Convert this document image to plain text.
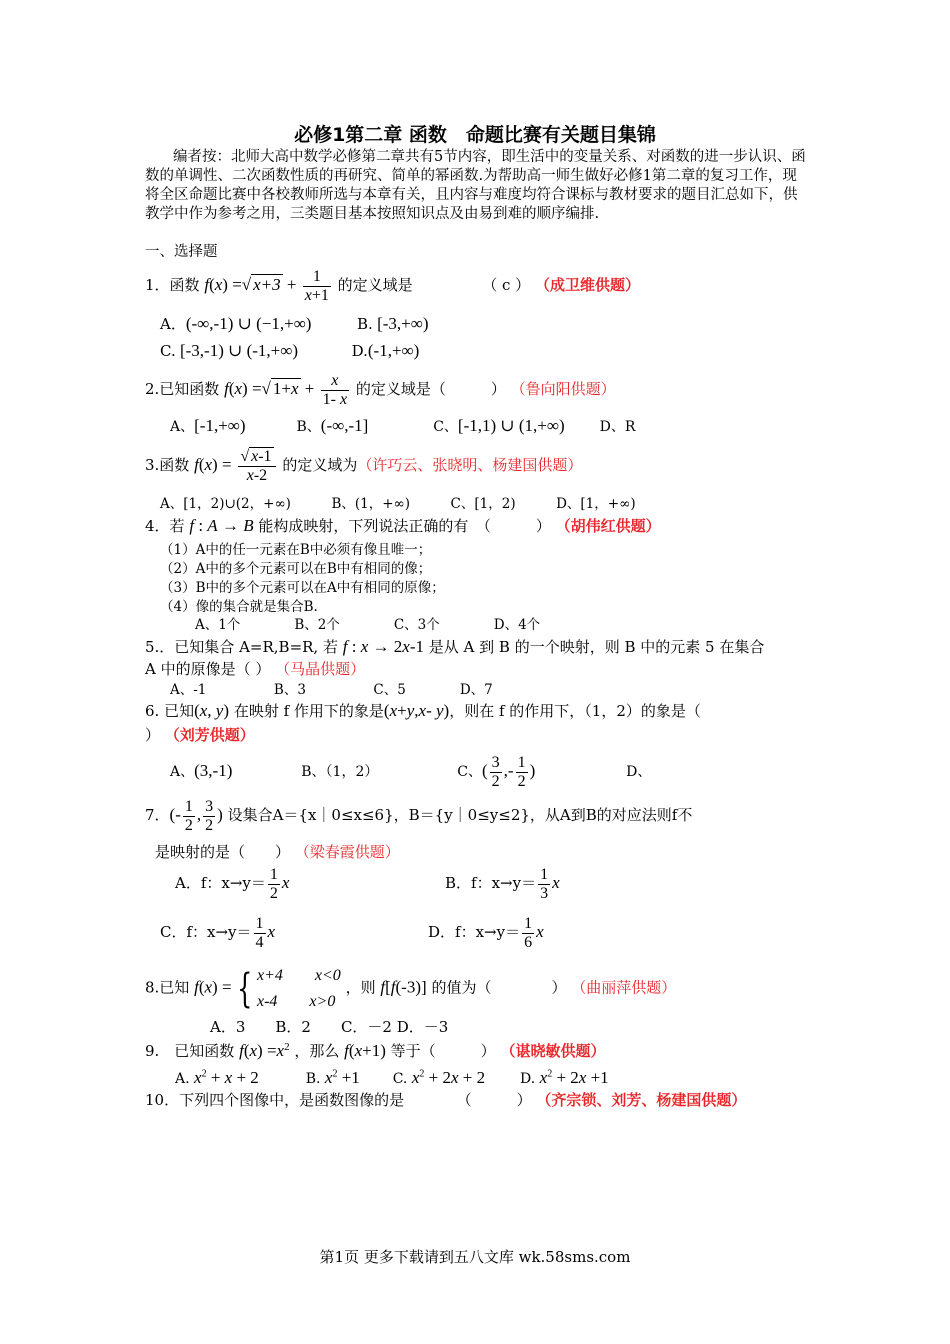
必修1第二章 函数　命题比赛有关题目集锦
编者按：北师大高中数学必修第二章共有5节内容，即生活中的变量关系、对函数的进一步认识、函数的单调性、二次函数性质的再研究、简单的幂函数.为帮助高一师生做好必修1第二章的复习工作，现将全区命题比赛中各校教师所选与本章有关，且内容与难度均符合课标与教材要求的题目汇总如下，供教学中作为参考之用，三类题目基本按照知识点及由易到难的顺序编排.
一、选择题
1．函数 f(x) =√ $x+3 + \frac{1}{x+1}$ 的定义域是	（ c ） （成卫维供题）
A．(-∞,-1) ∪ (−1,+∞)	B. [-3,+∞)
C. [-3,-1) ∪ (-1,+∞)	D.(-1,+∞)
2.已知函数 f(x) =√ $1+x + \frac{x}{1- x}$ 的定义域是（　　　） （鲁向阳供题）
A、[-1,+∞)	B、(-∞,-1]	C、[-1,1) ∪ (1,+∞) D、R
3.函数 $f(x) = \frac{√ x-1}{x-2}$ 的定义域为（许巧云、张晓明、杨建国供题）
A、[1，2)∪(2，+∞)　　　B、(1，+∞)　　　C、[1，2)　　　D、[1，+∞)
4．若 f : A → B 能构成映射，下列说法正确的有　（　　　） （胡伟红供题）
（1）A中的任一元素在B中必须有像且唯一；
（2）A中的多个元素可以在B中有相同的像；
（3）B中的多个元素可以在A中有相同的原像；
（4）像的集合就是集合B.
A、1个　　　　B、2个　　　　C、3个　　　　D、4个
5.．已知集合 A=R,B=R, 若 f : x → 2x-1 是从 A 到 B 的一个映射，则 B 中的元素 5 在集合
A 中的原像是（ ） （马晶供题）
A、-1　　　　　B、3　　　　　C、5　　　　D、7
6. 已知(x, y) 在映射 f 作用下的象是(x+y,x- y)，则在 f 的作用下，（1，2）的象是（
） （刘芳供题）
A、(3,-1)	B、（1，2）	C、( $\frac{3}{2}$ ,- $\frac{1}{2}$ )	D、
7．(- $\frac{1}{2}$ , $\frac{3}{2}$ ) 设集合A＝{x｜0≤x≤6}，B＝{y｜0≤y≤2}，从A到B的对应法则f不
是映射的是（　　） （梁春霞供题）
A．f：$x\to y= \frac{1}{2}$ x	B．f：$x\to y= \frac{1}{3}$ x
C．f：$x\to y= \frac{1}{4}$ x	D．f：$x\to y= \frac{1}{6}$ x
8.已知 f(x) = { x+4        x<0
x-4        x>0 ，则 f[f(-3)] 的值为（　　　　） （曲丽萍供题）
A．3　　B．2　　C．－2 D．－3
9.　已知函数 $f(x) =x^2$ ，那么 f(x+1) 等于（　　　） （谌晓敏供题）
A. $x^2 + x + 2$	B. $x^2 +1$ C. $x^2 + 2x + 2$ D. $x^2 + 2x +1$
10．下列四个图像中，是函数图像的是　　　　（　　　） （齐宗锁、刘芳、杨建国供题）
第1页 更多下载请到五八文库 wk.58sms.com
